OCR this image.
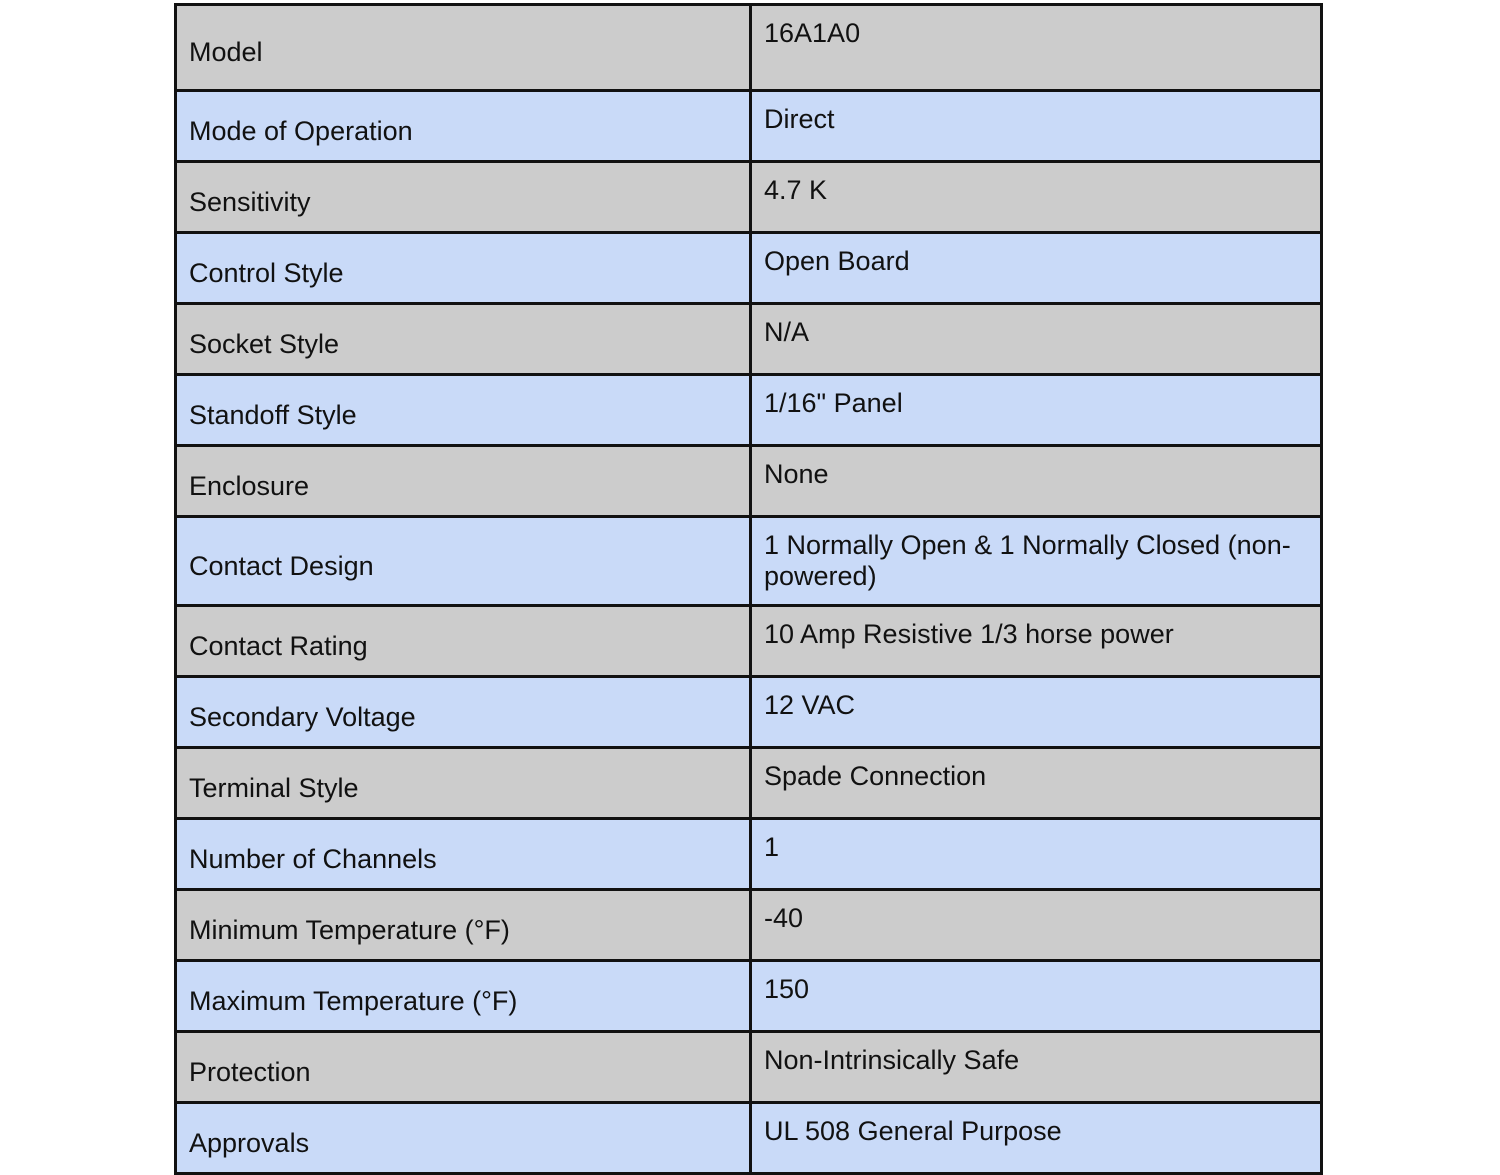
Model	16A1A0
Mode of Operation	Direct
Sensitivity	4.7 K
Control Style	Open Board
Socket Style	N/A
Standoff Style	1/16" Panel
Enclosure	None
Contact Design	1 Normally Open & 1 Normally Closed (non-powered)
Contact Rating	10 Amp Resistive 1/3 horse power
Secondary Voltage	12 VAC
Terminal Style	Spade Connection
Number of Channels	1
Minimum Temperature (°F)	-40
Maximum Temperature (°F)	150
Protection	Non-Intrinsically Safe
Approvals	UL 508 General Purpose
